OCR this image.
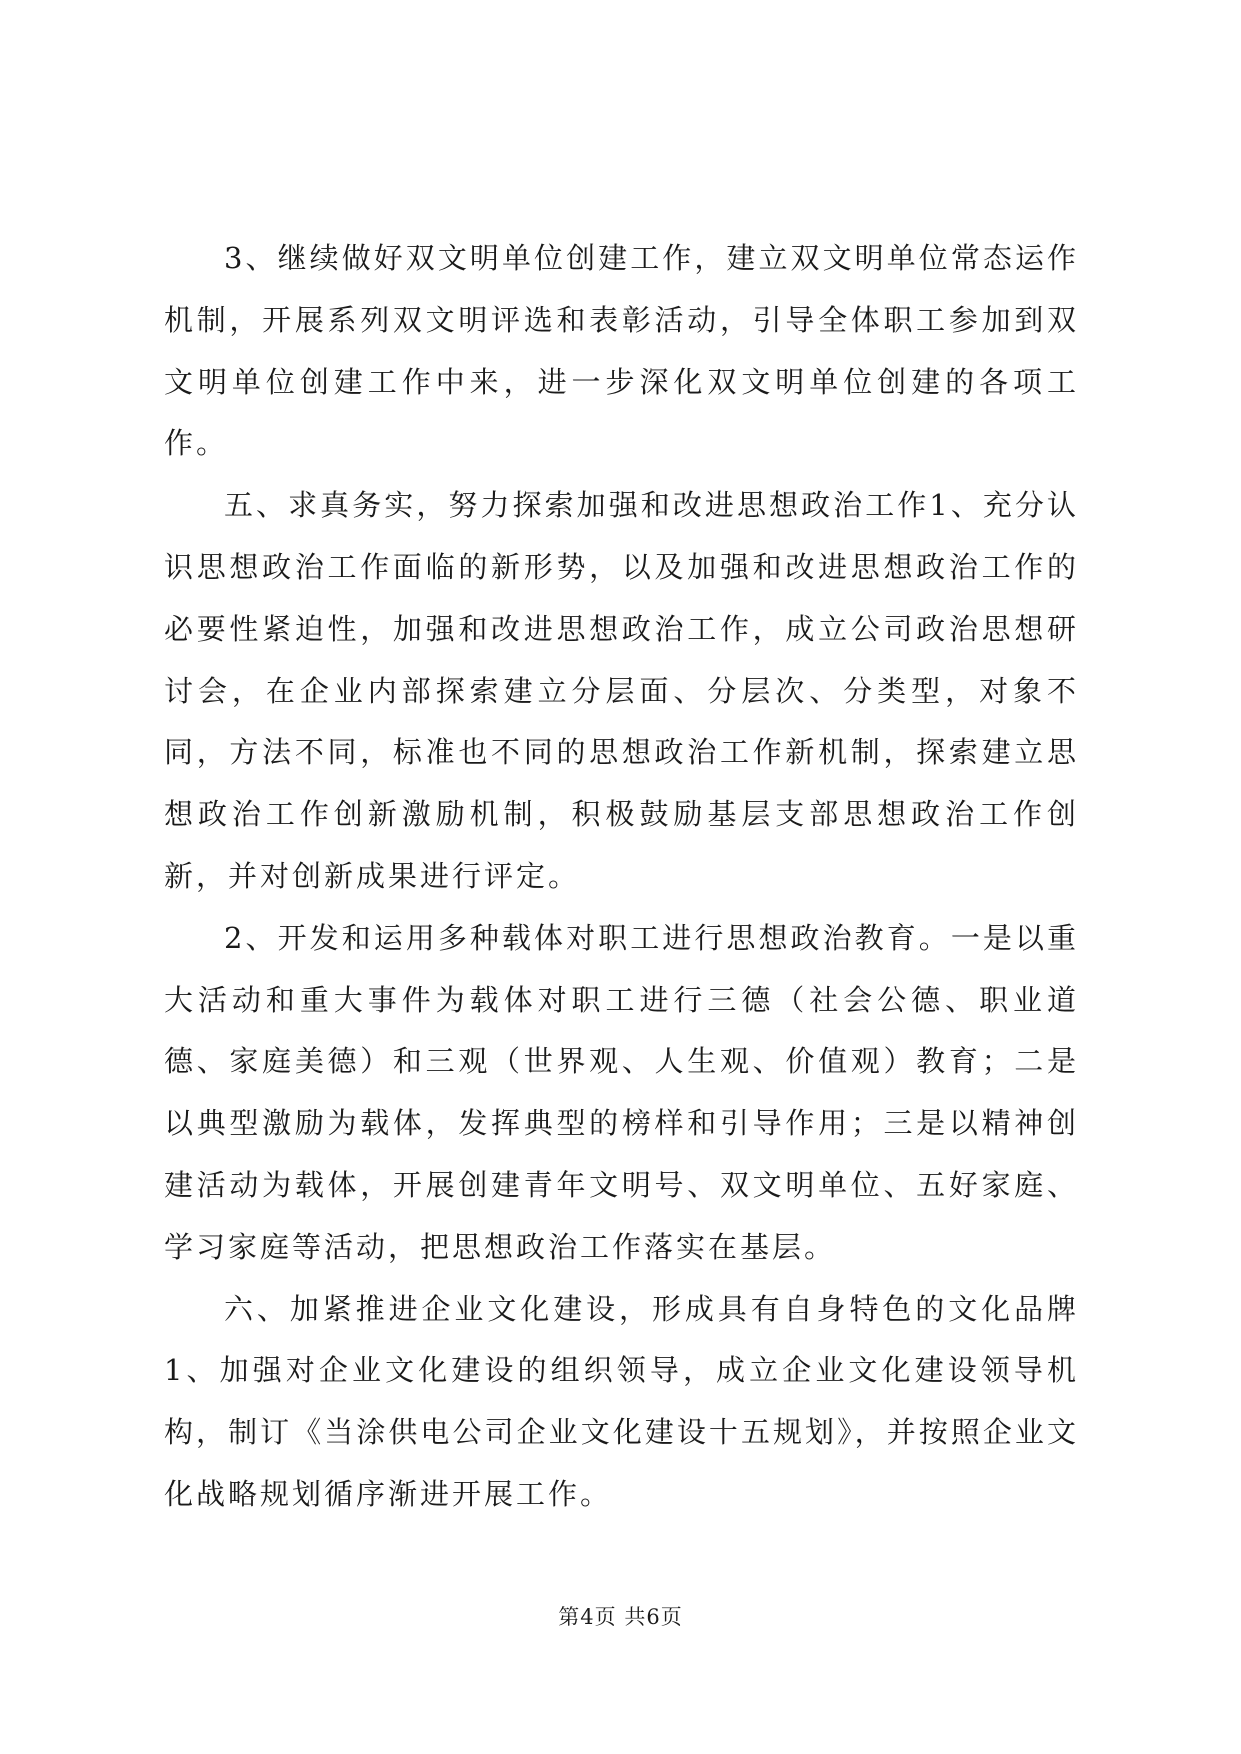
3、继续做好双文明单位创建工作，建立双文明单位常态运作机制，开展系列双文明评选和表彰活动，引导全体职工参加到双文明单位创建工作中来，进一步深化双文明单位创建的各项工作。

五、求真务实，努力探索加强和改进思想政治工作1、充分认识思想政治工作面临的新形势，以及加强和改进思想政治工作的必要性紧迫性，加强和改进思想政治工作，成立公司政治思想研讨会，在企业内部探索建立分层面、分层次、分类型，对象不同，方法不同，标准也不同的思想政治工作新机制，探索建立思想政治工作创新激励机制，积极鼓励基层支部思想政治工作创新，并对创新成果进行评定。

2、开发和运用多种载体对职工进行思想政治教育。一是以重大活动和重大事件为载体对职工进行三德（社会公德、职业道德、家庭美德）和三观（世界观、人生观、价值观）教育；二是以典型激励为载体，发挥典型的榜样和引导作用；三是以精神创建活动为载体，开展创建青年文明号、双文明单位、五好家庭、学习家庭等活动，把思想政治工作落实在基层。

六、加紧推进企业文化建设，形成具有自身特色的文化品牌1、加强对企业文化建设的组织领导，成立企业文化建设领导机构，制订《当涂供电公司企业文化建设十五规划》，并按照企业文化战略规划循序渐进开展工作。

第4页 共6页
